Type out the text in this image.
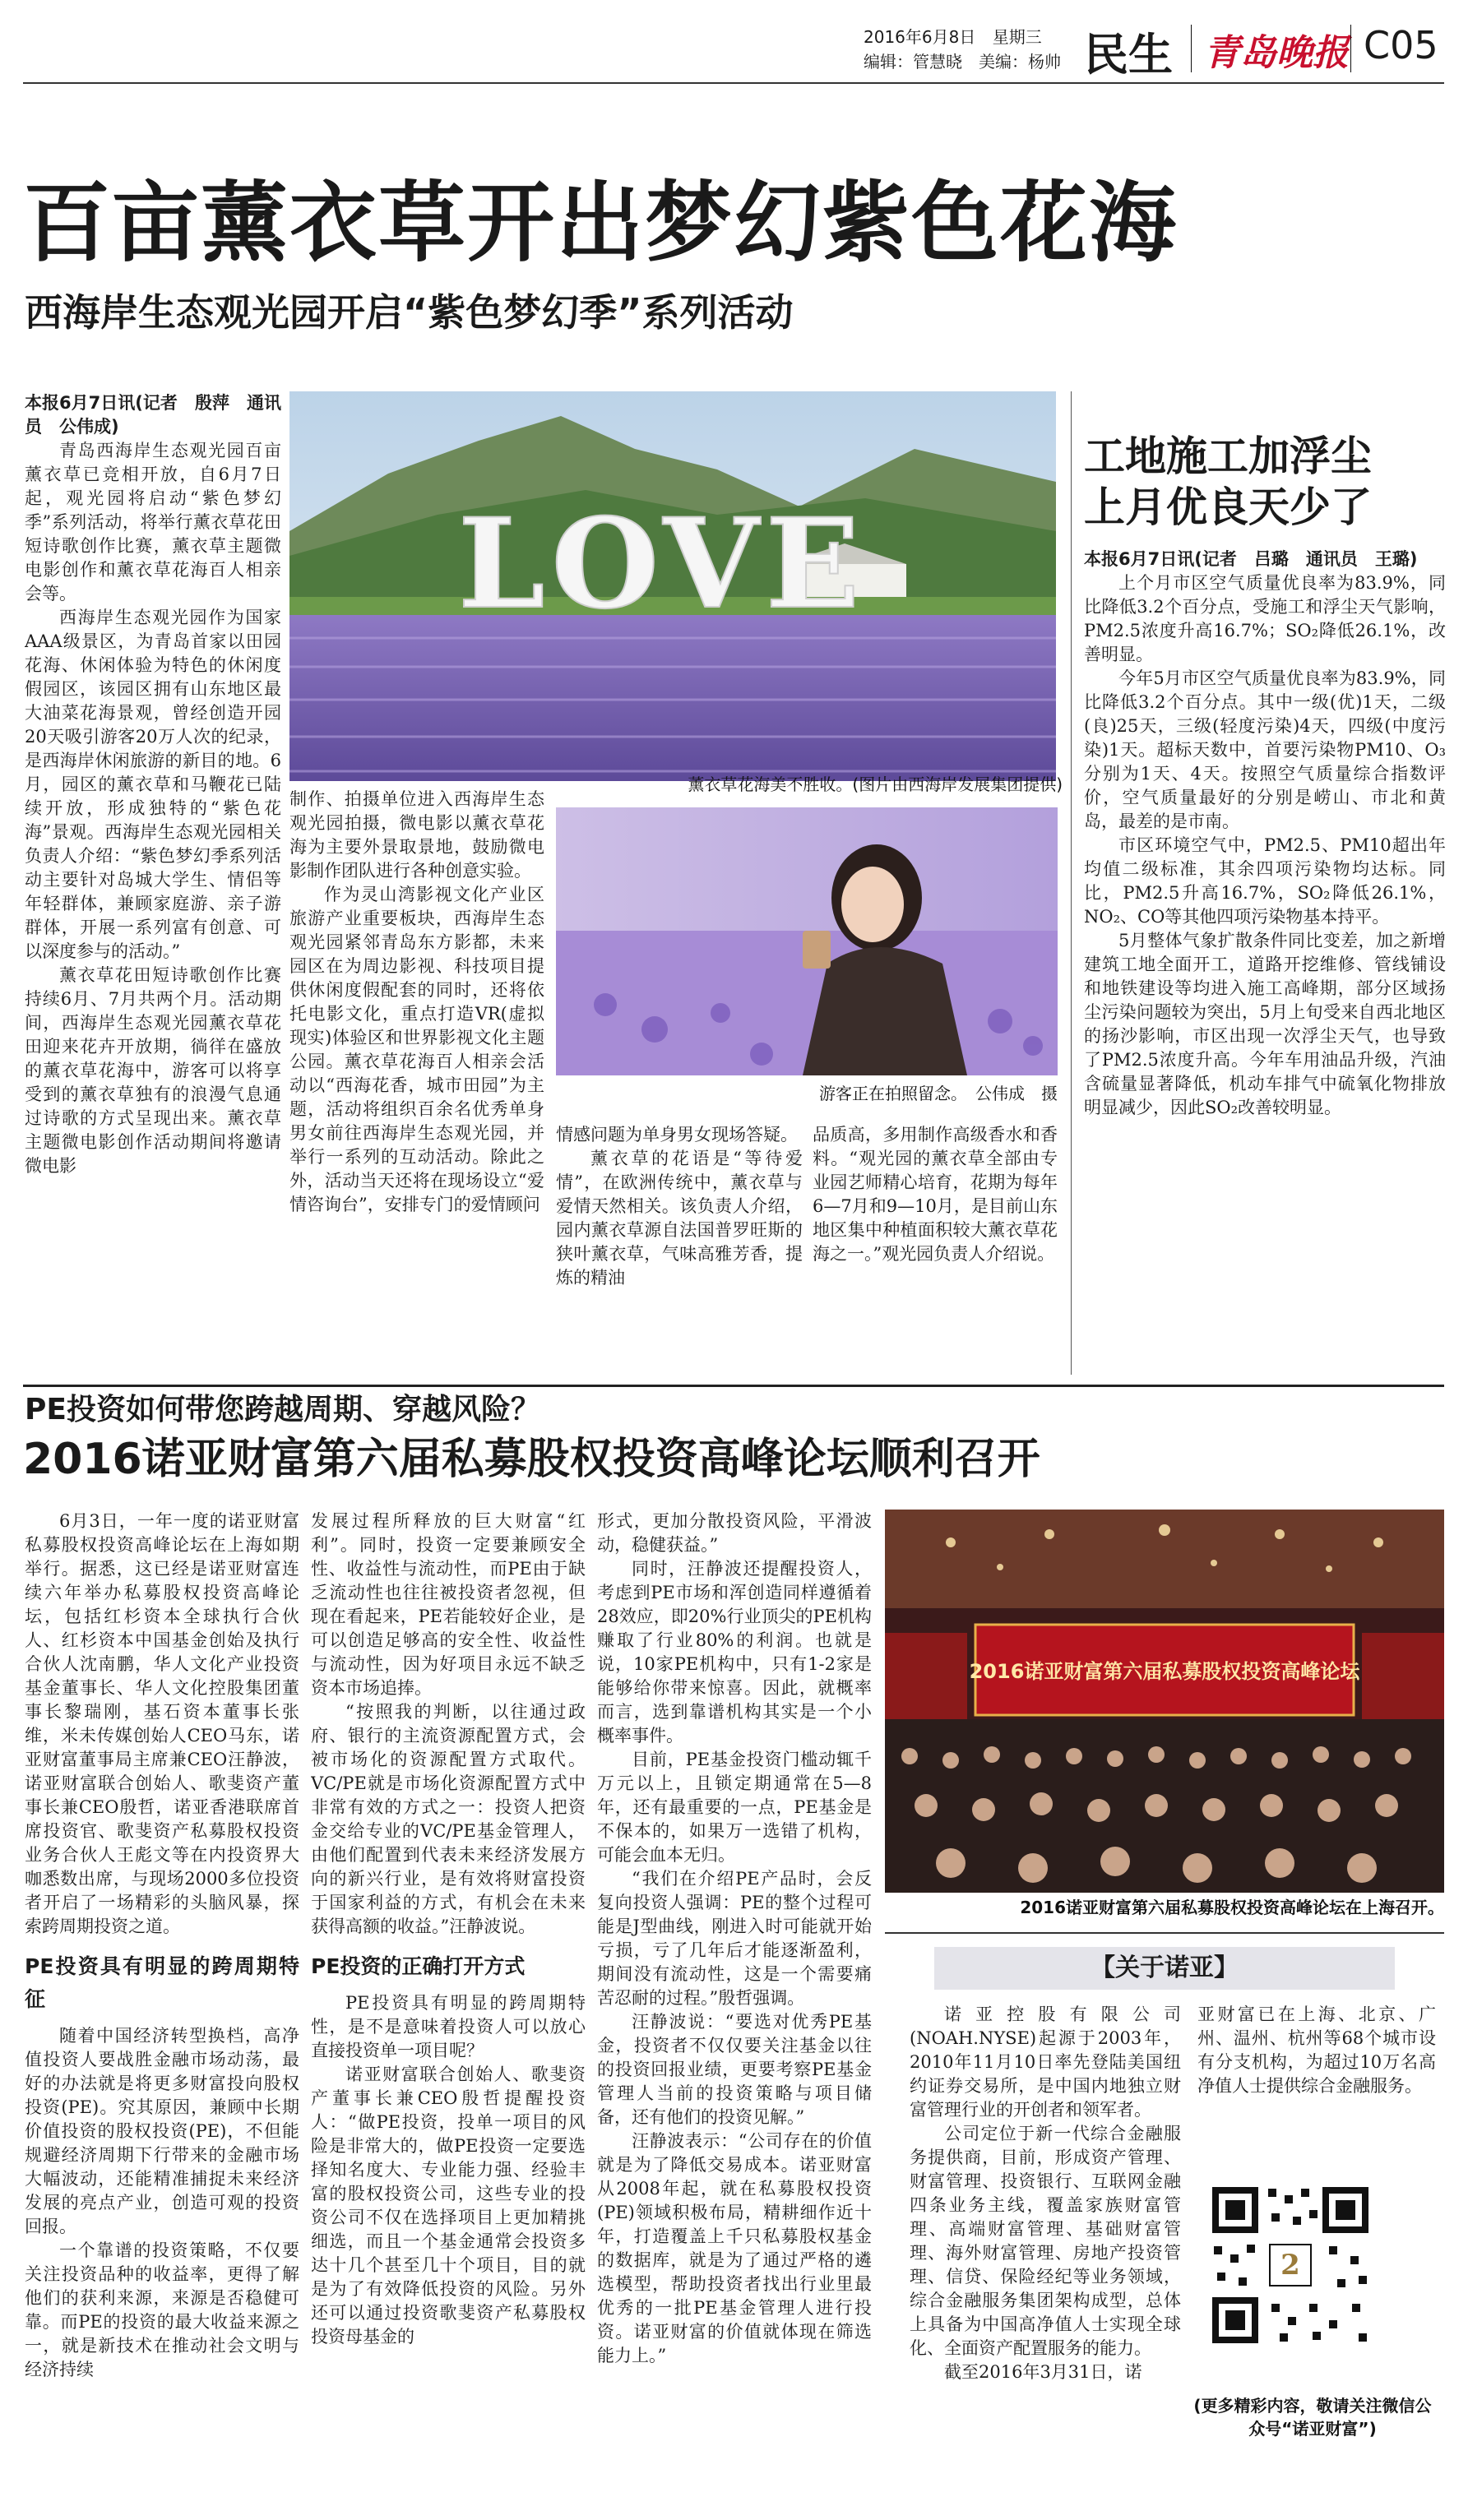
2016年6月8日 星期三
编辑：管慧晓　美编：杨帅 民生 青岛晚报 C05
百亩薰衣草开出梦幻紫色花海
西海岸生态观光园开启“紫色梦幻季”系列活动

本报6月7日讯(记者　殷萍　通讯员　公伟成)

青岛西海岸生态观光园百亩薰衣草已竞相开放，自6月7日起，观光园将启动“紫色梦幻季”系列活动，将举行薰衣草花田短诗歌创作比赛，薰衣草主题微电影创作和薰衣草花海百人相亲会等。

西海岸生态观光园作为国家AAA级景区，为青岛首家以田园花海、休闲体验为特色的休闲度假园区，该园区拥有山东地区最大油菜花海景观，曾经创造开园20天吸引游客20万人次的纪录，是西海岸休闲旅游的新目的地。6月，园区的薰衣草和马鞭花已陆续开放，形成独特的“紫色花海”景观。西海岸生态观光园相关负责人介绍：“紫色梦幻季系列活动主要针对岛城大学生、情侣等年轻群体，兼顾家庭游、亲子游群体，开展一系列富有创意、可以深度参与的活动。”

薰衣草花田短诗歌创作比赛持续6月、7月共两个月。活动期间，西海岸生态观光园薰衣草花田迎来花卉开放期，徜徉在盛放的薰衣草花海中，游客可以将享受到的薰衣草独有的浪漫气息通过诗歌的方式呈现出来。薰衣草主题微电影创作活动期间将邀请微电影

LOVE
薰衣草花海美不胜收。(图片由西海岸发展集团提供)

制作、拍摄单位进入西海岸生态观光园拍摄，微电影以薰衣草花海为主要外景取景地，鼓励微电影制作团队进行各种创意实验。

作为灵山湾影视文化产业区旅游产业重要板块，西海岸生态观光园紧邻青岛东方影都，未来园区在为周边影视、科技项目提供休闲度假配套的同时，还将依托电影文化，重点打造VR(虚拟现实)体验区和世界影视文化主题公园。薰衣草花海百人相亲会活动以“西海花香，城市田园”为主题，活动将组织百余名优秀单身男女前往西海岸生态观光园，并举行一系列的互动活动。除此之外，活动当天还将在现场设立“爱情咨询台”，安排专门的爱情顾问

游客正在拍照留念。　公伟成　摄

情感问题为单身男女现场答疑。

薰衣草的花语是“等待爱情”，在欧洲传统中，薰衣草与爱情天然相关。该负责人介绍，园内薰衣草源自法国普罗旺斯的狭叶薰衣草，气味高雅芳香，提炼的精油

品质高，多用制作高级香水和香料。“观光园的薰衣草全部由专业园艺师精心培育，花期为每年6—7月和9—10月，是目前山东地区集中种植面积较大薰衣草花海之一。”观光园负责人介绍说。

工地施工加浮尘
上月优良天少了

本报6月7日讯(记者　吕璐　通讯员　王璐)

上个月市区空气质量优良率为83.9%，同比降低3.2个百分点，受施工和浮尘天气影响，PM2.5浓度升高16.7%；SO₂降低26.1%，改善明显。

今年5月市区空气质量优良率为83.9%，同比降低3.2个百分点。其中一级(优)1天，二级(良)25天，三级(轻度污染)4天，四级(中度污染)1天。超标天数中，首要污染物PM10、O₃分别为1天、4天。按照空气质量综合指数评价，空气质量最好的分别是崂山、市北和黄岛，最差的是市南。

市区环境空气中，PM2.5、PM10超出年均值二级标准，其余四项污染物均达标。同比，PM2.5升高16.7%，SO₂降低26.1%，NO₂、CO等其他四项污染物基本持平。

5月整体气象扩散条件同比变差，加之新增建筑工地全面开工，道路开挖维修、管线铺设和地铁建设等均进入施工高峰期，部分区域扬尘污染问题较为突出，5月上旬受来自西北地区的扬沙影响，市区出现一次浮尘天气，也导致了PM2.5浓度升高。今年车用油品升级，汽油含硫量显著降低，机动车排气中硫氧化物排放明显减少，因此SO₂改善较明显。

PE投资如何带您跨越周期、穿越风险？
2016诺亚财富第六届私募股权投资高峰论坛顺利召开

6月3日，一年一度的诺亚财富私募股权投资高峰论坛在上海如期举行。据悉，这已经是诺亚财富连续六年举办私募股权投资高峰论坛，包括红杉资本全球执行合伙人、红杉资本中国基金创始及执行合伙人沈南鹏，华人文化产业投资基金董事长、华人文化控股集团董事长黎瑞刚，基石资本董事长张维，米未传媒创始人CEO马东，诺亚财富董事局主席兼CEO汪静波，诺亚财富联合创始人、歌斐资产董事长兼CEO殷哲，诺亚香港联席首席投资官、歌斐资产私募股权投资业务合伙人王彪文等在内投资界大咖悉数出席，与现场2000多位投资者开启了一场精彩的头脑风暴，探索跨周期投资之道。

PE投资具有明显的跨周期特征

随着中国经济转型换档，高净值投资人要战胜金融市场动荡，最好的办法就是将更多财富投向股权投资(PE)。究其原因，兼顾中长期价值投资的股权投资(PE)，不但能规避经济周期下行带来的金融市场大幅波动，还能精准捕捉未来经济发展的亮点产业，创造可观的投资回报。

一个靠谱的投资策略，不仅要关注投资品种的收益率，更得了解他们的获利来源，来源是否稳健可靠。而PE的投资的最大收益来源之一，就是新技术在推动社会文明与经济持续

发展过程所释放的巨大财富“红利”。同时，投资一定要兼顾安全性、收益性与流动性，而PE由于缺乏流动性也往往被投资者忽视，但现在看起来，PE若能较好企业，是可以创造足够高的安全性、收益性与流动性，因为好项目永远不缺乏资本市场追捧。

“按照我的判断，以往通过政府、银行的主流资源配置方式，会被市场化的资源配置方式取代。VC/PE就是市场化资源配置方式中非常有效的方式之一：投资人把资金交给专业的VC/PE基金管理人，由他们配置到代表未来经济发展方向的新兴行业，是有效将财富投资于国家利益的方式，有机会在未来获得高额的收益。”汪静波说。

PE投资的正确打开方式

PE投资具有明显的跨周期特性，是不是意味着投资人可以放心直接投资单一项目呢？

诺亚财富联合创始人、歌斐资产董事长兼CEO殷哲提醒投资人：“做PE投资，投单一项目的风险是非常大的，做PE投资一定要选择知名度大、专业能力强、经验丰富的股权投资公司，这些专业的投资公司不仅在选择项目上更加精挑细选，而且一个基金通常会投资多达十几个甚至几十个项目，目的就是为了有效降低投资的风险。另外还可以通过投资歌斐资产私募股权投资母基金的

形式，更加分散投资风险，平滑波动，稳健获益。”

同时，汪静波还提醒投资人，考虑到PE市场和浑创造同样遵循着28效应，即20%行业顶尖的PE机构赚取了行业80%的利润。也就是说，10家PE机构中，只有1-2家是能够给你带来惊喜。因此，就概率而言，选到靠谱机构其实是一个小概率事件。

目前，PE基金投资门槛动辄千万元以上，且锁定期通常在5—8年，还有最重要的一点，PE基金是不保本的，如果万一选错了机构，可能会血本无归。

“我们在介绍PE产品时，会反复向投资人强调：PE的整个过程可能是J型曲线，刚进入时可能就开始亏损，亏了几年后才能逐渐盈利，期间没有流动性，这是一个需要痛苦忍耐的过程。”殷哲强调。

汪静波说：“要选对优秀PE基金，投资者不仅仅要关注基金以往的投资回报业绩，更要考察PE基金管理人当前的投资策略与项目储备，还有他们的投资见解。”

汪静波表示：“公司存在的价值就是为了降低交易成本。诺亚财富从2008年起，就在私募股权投资(PE)领域积极布局，精耕细作近十年，打造覆盖上千只私募股权基金的数据库，就是为了通过严格的遴选模型，帮助投资者找出行业里最优秀的一批PE基金管理人进行投资。诺亚财富的价值就体现在筛选能力上。”

2016诺亚财富第六届私募股权投资高峰论坛
2016诺亚财富第六届私募股权投资高峰论坛在上海召开。
【关于诺亚】

诺亚控股有限公司(NOAH.NYSE)起源于2003年，2010年11月10日率先登陆美国纽约证券交易所，是中国内地独立财富管理行业的开创者和领军者。

公司定位于新一代综合金融服务提供商，目前，形成资产管理、财富管理、投资银行、互联网金融四条业务主线，覆盖家族财富管理、高端财富管理、基础财富管理、海外财富管理、房地产投资管理、信贷、保险经纪等业务领域，综合金融服务集团架构成型，总体上具备为中国高净值人士实现全球化、全面资产配置服务的能力。

截至2016年3月31日，诺

亚财富已在上海、北京、广州、温州、杭州等68个城市设有分支机构，为超过10万名高净值人士提供综合金融服务。

2
(更多精彩内容，敬请关注微信公众号“诺亚财富”)
